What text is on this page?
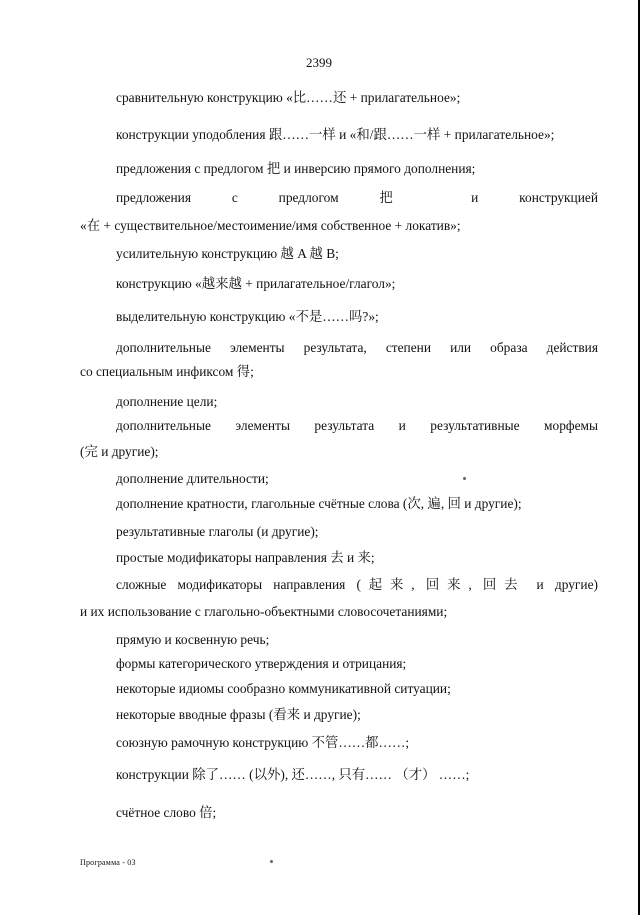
2399
сравнительную конструкцию «比……还 + прилагательное»;
конструкции уподобления 跟……一样 и «和/跟……一样 + прилагательное»;
предложения с предлогом 把 и инверсию прямого дополнения;
предложения с предлогом 把 и конструкцией
«在 + существительное/местоимение/имя собственное + локатив»;
усилительную конструкцию 越 A 越 B;
конструкцию «越来越 + прилагательное/глагол»;
выделительную конструкцию «不是……吗?»;
дополнительные элементы результата, степени или образа действия
со специальным инфиксом 得;
дополнение цели;
дополнительные элементы результата и результативные морфемы
(完 и другие);
дополнение длительности;
дополнение кратности, глагольные счётные слова (次, 遍, 回 и другие);
результативные глаголы (и другие);
простые модификаторы направления 去 и 来;
сложные модификаторы направления (起来, 回来, 回去 и другие)
и их использование с глагольно-объектными словосочетаниями;
прямую и косвенную речь;
формы категорического утверждения и отрицания;
некоторые идиомы сообразно коммуникативной ситуации;
некоторые вводные фразы (看来 и другие);
союзную рамочную конструкцию 不管……都……;
конструкции 除了…… (以外), 还……, 只有…… （才） ……;
счётное слово 倍;
Программа - 03
